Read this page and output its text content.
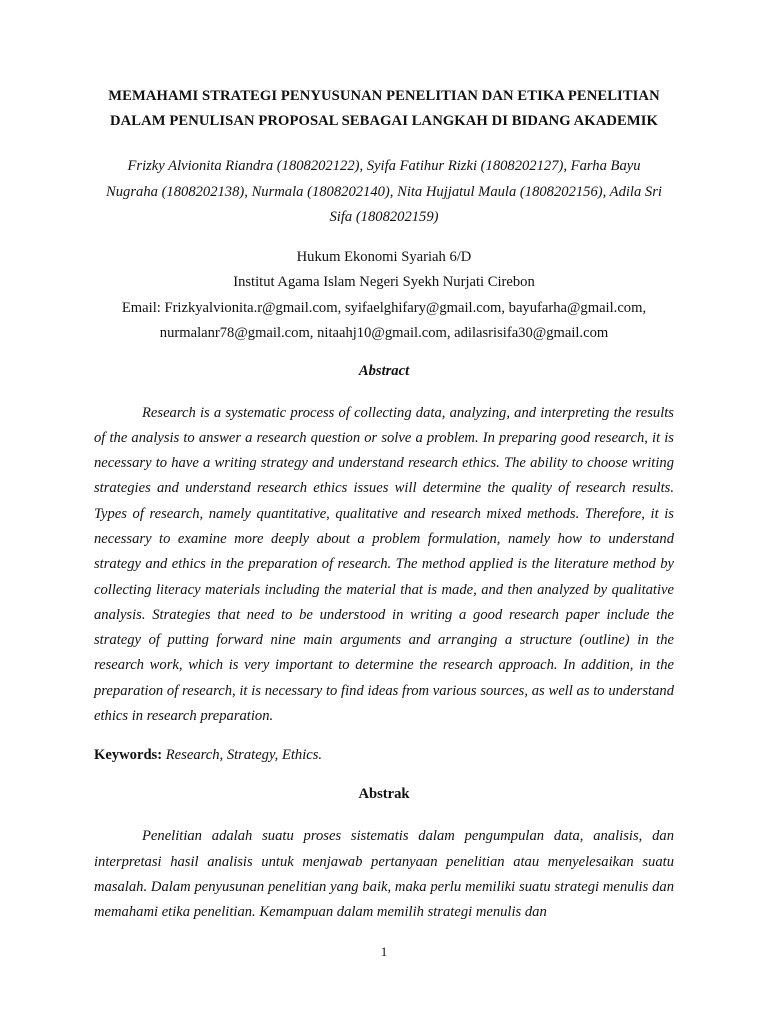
MEMAHAMI STRATEGI PENYUSUNAN PENELITIAN DAN ETIKA PENELITIAN
DALAM PENULISAN PROPOSAL SEBAGAI LANGKAH DI BIDANG AKADEMIK

Frizky Alvionita Riandra (1808202122), Syifa Fatihur Rizki (1808202127), Farha Bayu Nugraha (1808202138), Nurmala (1808202140), Nita Hujjatul Maula (1808202156), Adila Sri Sifa (1808202159)

Hukum Ekonomi Syariah 6/D
Institut Agama Islam Negeri Syekh Nurjati Cirebon
Email: Frizkyalvionita.r@gmail.com, syifaelghifary@gmail.com, bayufarha@gmail.com,
nurmalanr78@gmail.com, nitaahj10@gmail.com, adilasrisifa30@gmail.com
Abstract

Research is a systematic process of collecting data, analyzing, and interpreting the results of the analysis to answer a research question or solve a problem. In preparing good research, it is necessary to have a writing strategy and understand research ethics. The ability to choose writing strategies and understand research ethics issues will determine the quality of research results. Types of research, namely quantitative, qualitative and research mixed methods. Therefore, it is necessary to examine more deeply about a problem formulation, namely how to understand strategy and ethics in the preparation of research. The method applied is the literature method by collecting literacy materials including the material that is made, and then analyzed by qualitative analysis. Strategies that need to be understood in writing a good research paper include the strategy of putting forward nine main arguments and arranging a structure (outline) in the research work, which is very important to determine the research approach. In addition, in the preparation of research, it is necessary to find ideas from various sources, as well as to understand ethics in research preparation.

Keywords: Research, Strategy, Ethics.

Abstrak

Penelitian adalah suatu proses sistematis dalam pengumpulan data, analisis, dan interpretasi hasil analisis untuk menjawab pertanyaan penelitian atau menyelesaikan suatu masalah. Dalam penyusunan penelitian yang baik, maka perlu memiliki suatu strategi menulis dan memahami etika penelitian. Kemampuan dalam memilih strategi menulis dan

1
